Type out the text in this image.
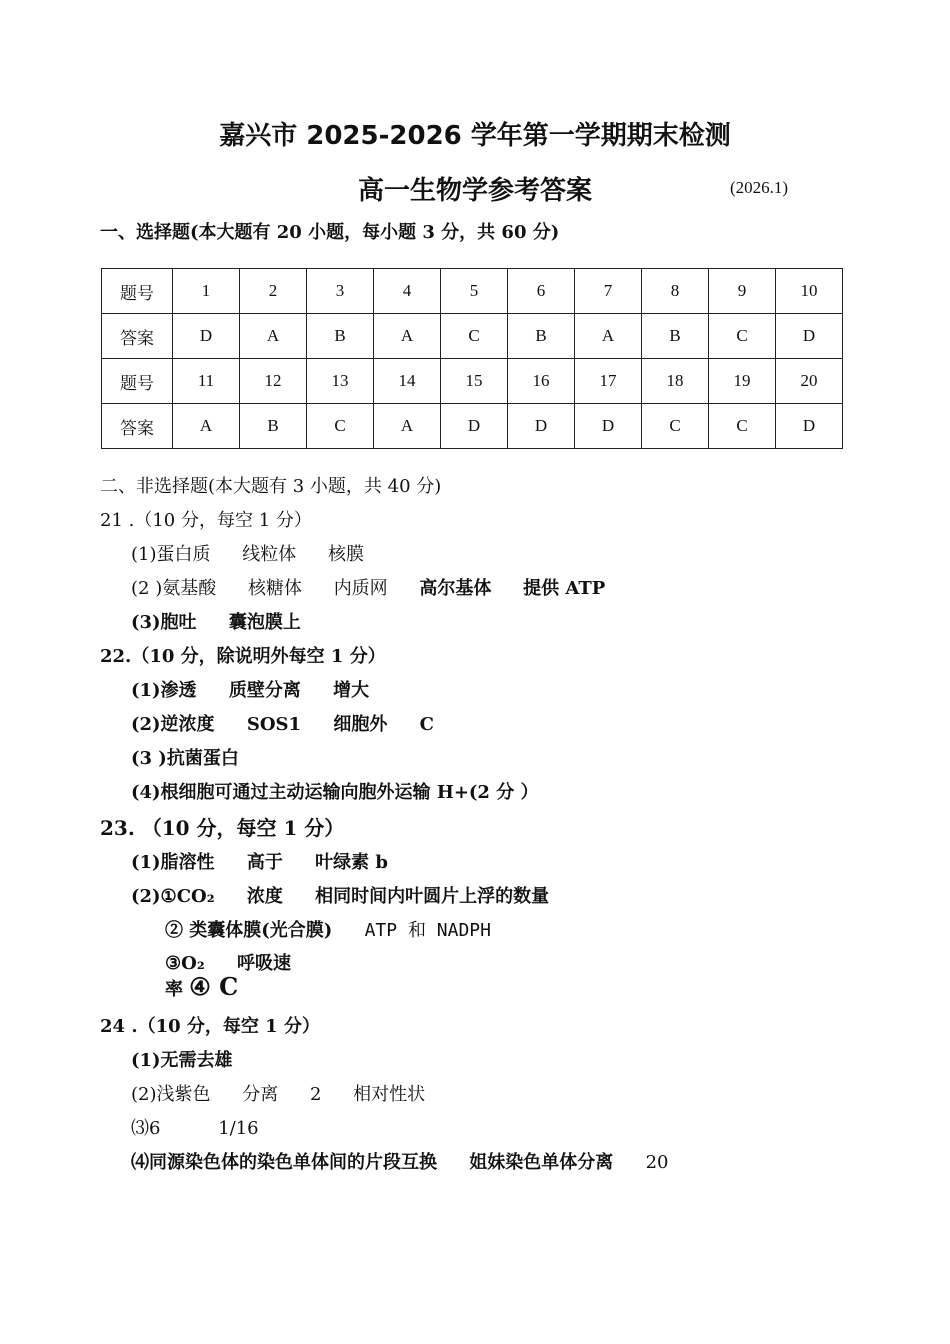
嘉兴市 2025-2026 学年第一学期期末检测
高一生物学参考答案	(2026.1)
一、选择题(本大题有 20 小题，每小题 3 分，共 60 分)
题号	1	2	3	4	5	6	7	8	9	10
答案	D	A	B	A	C	B	A	B	C	D
题号	11	12	13	14	15	16	17	18	19	20
答案	A	B	C	A	D	D	D	C	C	D
二、非选择题(本大题有 3 小题，共 40 分)
21 .（10 分，每空 1 分）
(1)蛋白质 线粒体 核膜
(2 )氨基酸 核糖体 内质网 高尔基体 提供 ATP
(3)胞吐 囊泡膜上
22.（10 分，除说明外每空 1 分）
(1)渗透 质壁分离 增大
(2)逆浓度 SOS1 细胞外 C
(3 )抗菌蛋白
(4)根细胞可通过主动运输向胞外运输 H+(2 分 ）
23. （10 分，每空 1 分）
(1)脂溶性 高于 叶绿素 b
(2)①CO₂ 浓度 相同时间内叶圆片上浮的数量
② 类囊体膜(光合膜) ATP 和 NADPH
③O₂ 呼吸速
率 ④ C
24 .（10 分，每空 1 分）
(1)无需去雄
(2)浅紫色 分离 2 相对性状
⑶6	1/16
⑷同源染色体的染色单体间的片段互换 姐妹染色单体分离 20
